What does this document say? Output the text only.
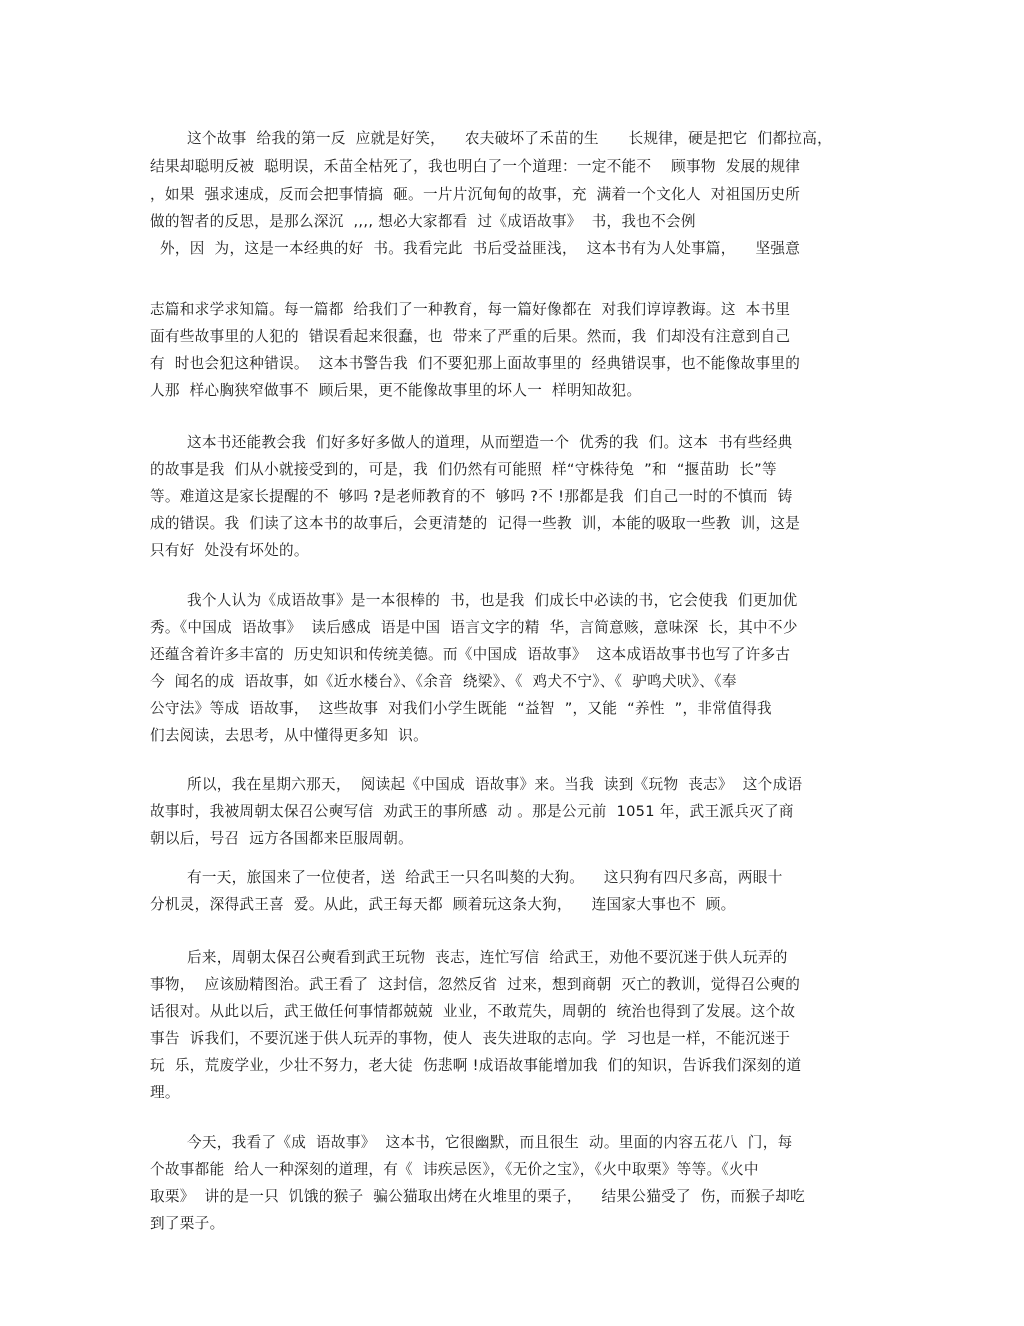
这个故事  给我的第一反  应就是好笑，    农夫破坏了禾苗的生      长规律，硬是把它  们都拉高，
结果却聪明反被  聪明误，禾苗全枯死了，我也明白了一个道理：一定不能不    顾事物  发展的规律
，如果  强求速成，反而会把事情搞  砸。一片片沉甸甸的故事，充  满着一个文化人  对祖国历史所
做的智者的反思，是那么深沉  ,,,, 想必大家都看  过《成语故事》  书，我也不会例
外，因  为，这是一本经典的好  书。我看完此  书后受益匪浅，  这本书有为人处事篇，    坚强意
志篇和求学求知篇。每一篇都  给我们了一种教育，每一篇好像都在  对我们谆谆教诲。这  本书里
面有些故事里的人犯的  错误看起来很蠢，也  带来了严重的后果。然而，我  们却没有注意到自己
有  时也会犯这种错误。  这本书警告我  们不要犯那上面故事里的  经典错误事，也不能像故事里的
人那  样心胸狭窄做事不  顾后果，更不能像故事里的坏人一  样明知故犯。
这本书还能教会我  们好多好多做人的道理，从而塑造一个  优秀的我  们。这本  书有些经典
的故事是我  们从小就接受到的，可是，我  们仍然有可能照  样“守株待兔  ”和  “揠苗助  长”等
等。难道这是家长提醒的不  够吗 ?是老师教育的不  够吗 ?不 !那都是我  们自己一时的不慎而  铸
成的错误。我  们读了这本书的故事后，会更清楚的  记得一些教  训，本能的吸取一些教  训，这是
只有好  处没有坏处的。
我个人认为《成语故事》是一本很棒的  书，也是我  们成长中必读的书，它会使我  们更加优
秀。《中国成  语故事》  读后感成  语是中国  语言文字的精  华，言简意赅，意味深  长，其中不少
还蕴含着许多丰富的  历史知识和传统美德。而《中国成  语故事》  这本成语故事书也写了许多古
今  闻名的成  语故事，如《近水楼台》、《余音  绕梁》、《  鸡犬不宁》、《  驴鸣犬吠》、《奉
公守法》等成  语故事，  这些故事  对我们小学生既能  “益智  ”，又能  “养性  ”，非常值得我
们去阅读，去思考，从中懂得更多知  识。
所以，我在星期六那天，  阅读起《中国成  语故事》来。当我  读到《玩物  丧志》  这个成语
故事时，我被周朝太保召公奭写信  劝武王的事所感  动 。那是公元前  1051 年，武王派兵灭了商
朝以后，号召  远方各国都来臣服周朝。
有一天，旅国来了一位使者，送  给武王一只名叫獒的大狗。    这只狗有四尺多高，两眼十
分机灵，深得武王喜  爱。从此，武王每天都  顾着玩这条大狗，    连国家大事也不  顾。
后来，周朝太保召公奭看到武王玩物  丧志，连忙写信  给武王，劝他不要沉迷于供人玩弄的
事物，  应该励精图治。武王看了  这封信，忽然反省  过来，想到商朝  灭亡的教训，觉得召公奭的
话很对。从此以后，武王做任何事情都兢兢  业业，不敢荒失，周朝的  统治也得到了发展。这个故
事告  诉我们，不要沉迷于供人玩弄的事物，使人  丧失进取的志向。学  习也是一样，不能沉迷于
玩  乐，荒废学业，少壮不努力，老大徒  伤悲啊 !成语故事能增加我  们的知识，告诉我们深刻的道
理。
今天，我看了《成  语故事》  这本书，它很幽默，而且很生  动。里面的内容五花八  门，每
个故事都能  给人一种深刻的道理，有《  讳疾忌医》，《无价之宝》，《火中取栗》等等。《火中
取栗》  讲的是一只  饥饿的猴子  骗公猫取出烤在火堆里的栗子，    结果公猫受了  伤，而猴子却吃
到了栗子。
